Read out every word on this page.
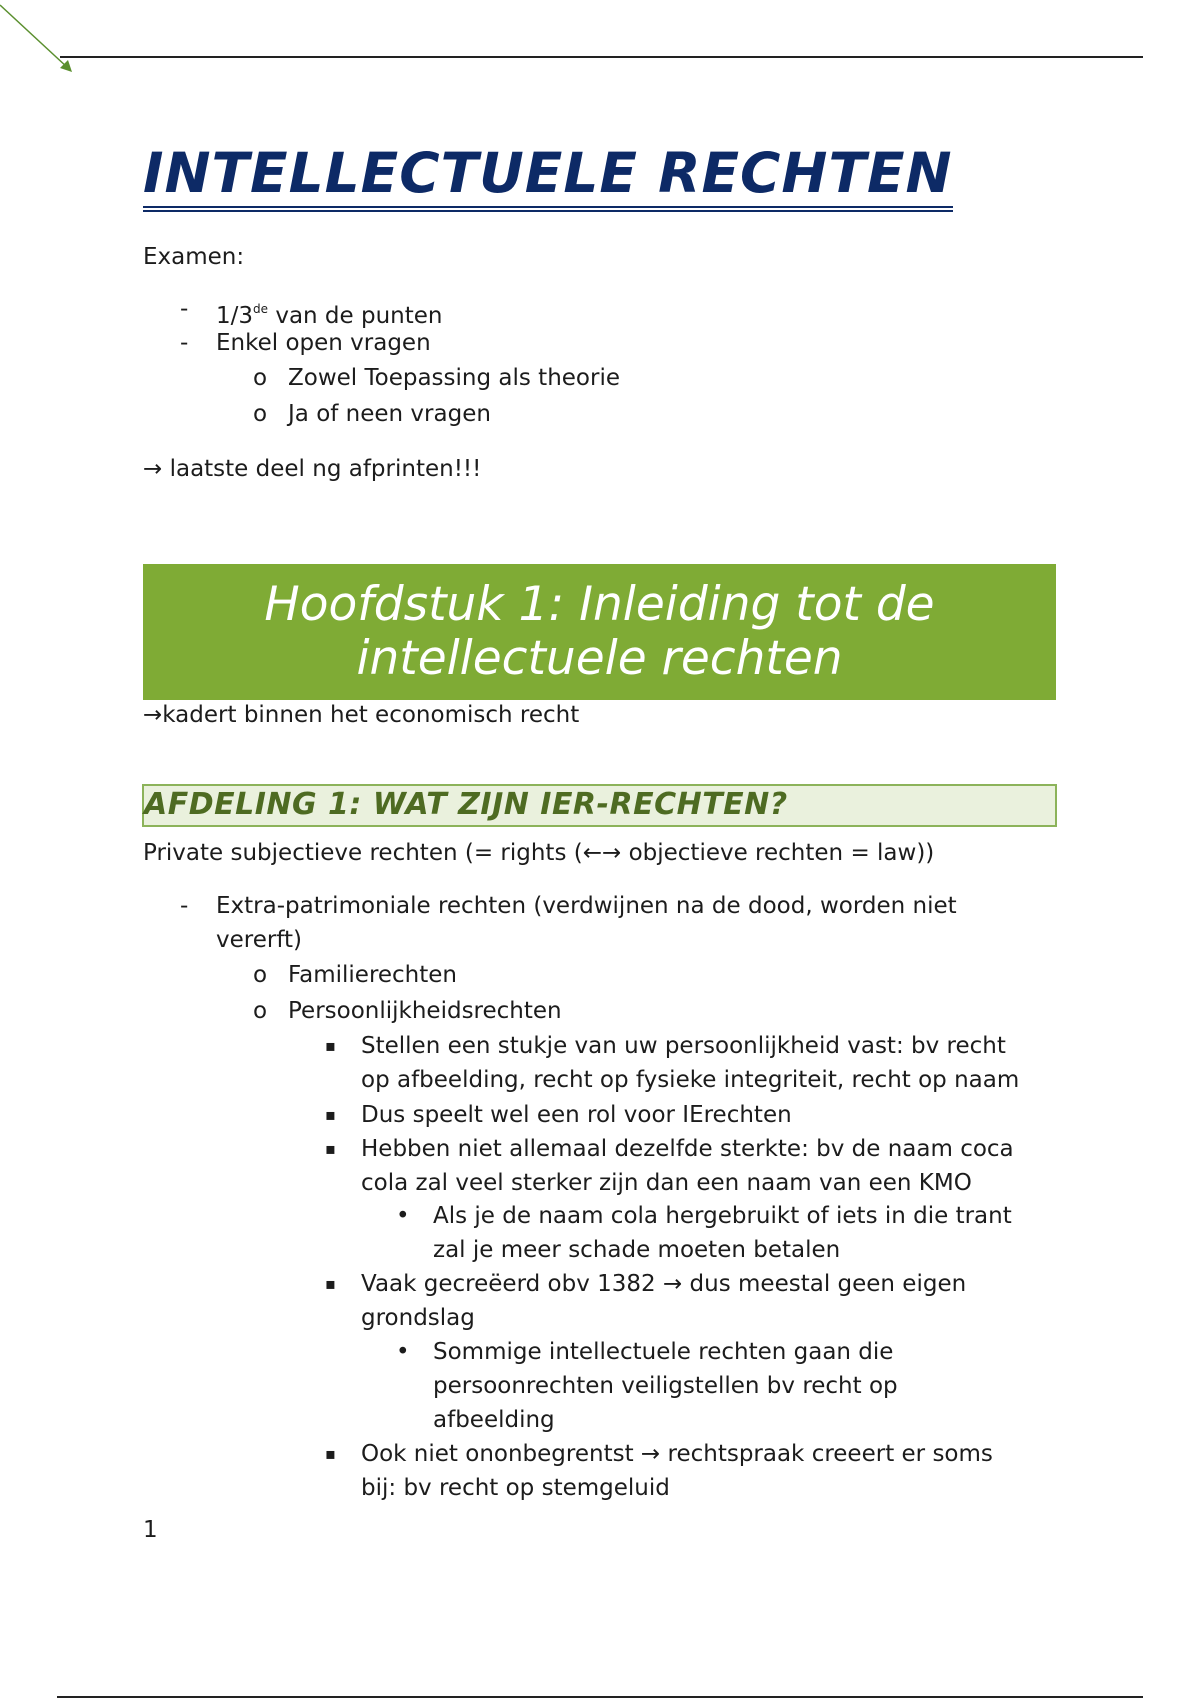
INTELLECTUELE RECHTEN

Examen:

- 1/3de van de punten

- Enkel open vragen

o Zowel Toepassing als theorie

o Ja of neen vragen

→ laatste deel ng afprinten!!!

Hoofdstuk 1: Inleiding tot de
intellectuele rechten

→kadert binnen het economisch recht

AFDELING 1: WAT ZIJN IER-RECHTEN?

Private subjectieve rechten (= rights (←→ objectieve rechten = law))

- Extra-patrimoniale rechten (verdwijnen na de dood, worden niet
vererft)

o Familierechten

o Persoonlijkheidsrechten

▪ Stellen een stukje van uw persoonlijkheid vast: bv recht
op afbeelding, recht op fysieke integriteit, recht op naam

▪ Dus speelt wel een rol voor IErechten

▪ Hebben niet allemaal dezelfde sterkte: bv de naam coca
cola zal veel sterker zijn dan een naam van een KMO

• Als je de naam cola hergebruikt of iets in die trant
zal je meer schade moeten betalen

▪ Vaak gecreëerd obv 1382 → dus meestal geen eigen
grondslag

• Sommige intellectuele rechten gaan die
persoonrechten veiligstellen bv recht op
afbeelding

▪ Ook niet ononbegrentst → rechtspraak creeert er soms
bij: bv recht op stemgeluid

1
